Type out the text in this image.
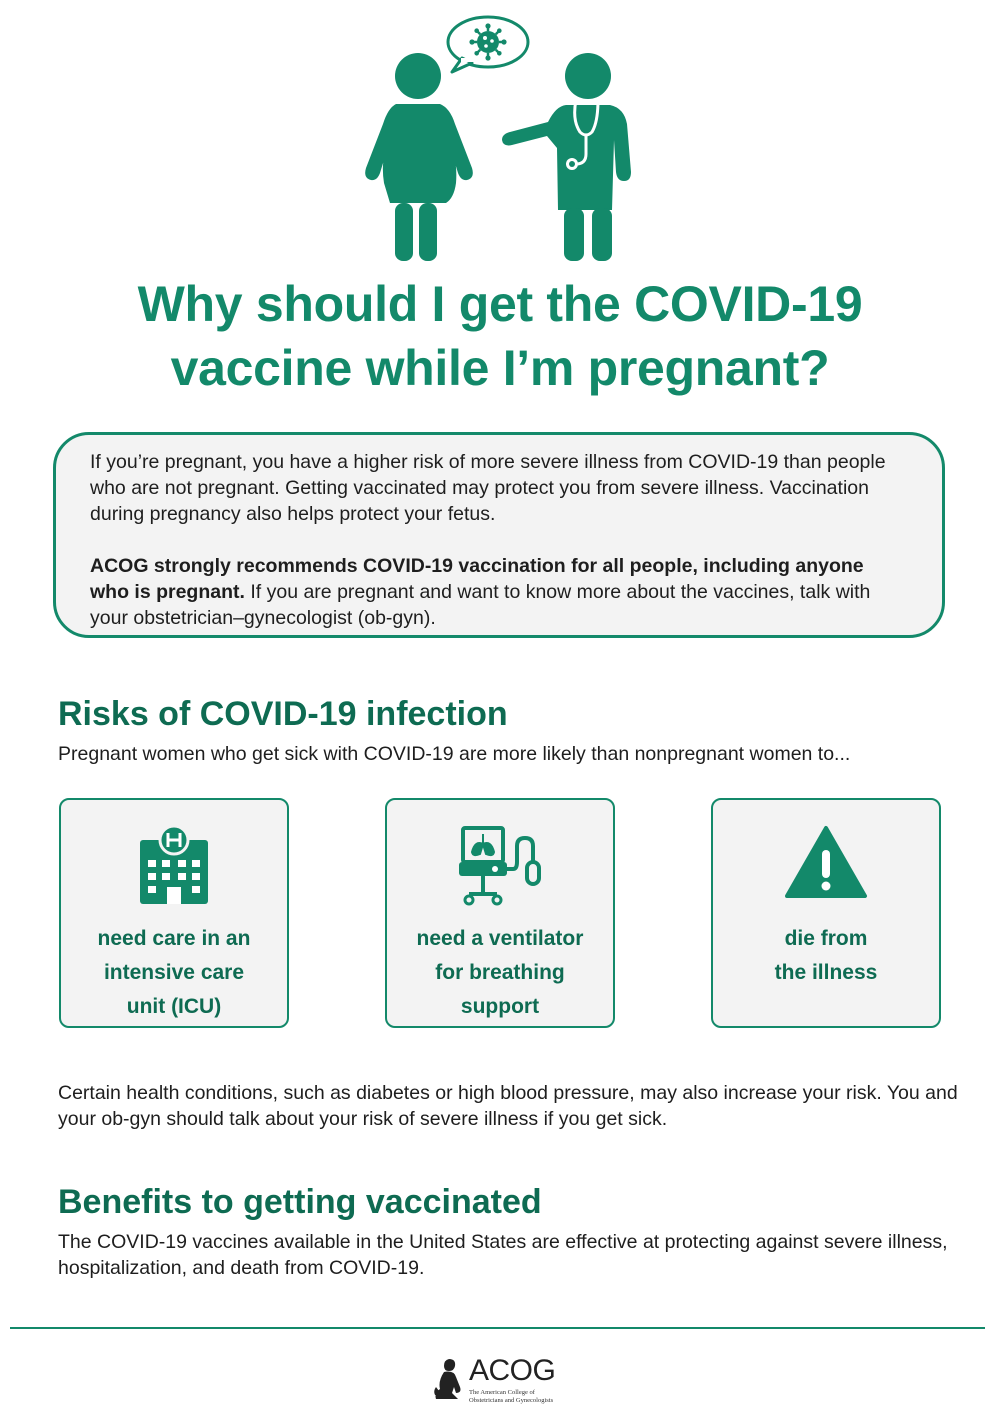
Why should I get the COVID-19
vaccine while I’m pregnant?

If you’re pregnant, you have a higher risk of more severe illness from COVID-19 than people who are not pregnant. Getting vaccinated may protect you from severe illness. Vaccination during pregnancy also helps protect your fetus.

ACOG strongly recommends COVID-19 vaccination for all people, including anyone who is pregnant. If you are pregnant and want to know more about the vaccines, talk with your obstetrician–gynecologist (ob-gyn).

Risks of COVID-19 infection

Pregnant women who get sick with COVID-19 are more likely than nonpregnant women to...

need care in an
intensive care
unit (ICU)
need a ventilator
for breathing
support
die from
the illness

Certain health conditions, such as diabetes or high blood pressure, may also increase your risk. You and your ob-gyn should talk about your risk of severe illness if you get sick.

Benefits to getting vaccinated

The COVID-19 vaccines available in the United States are effective at protecting against severe illness, hospitalization, and death from COVID-19.

ACOG
The American College of
Obstetricians and Gynecologists
